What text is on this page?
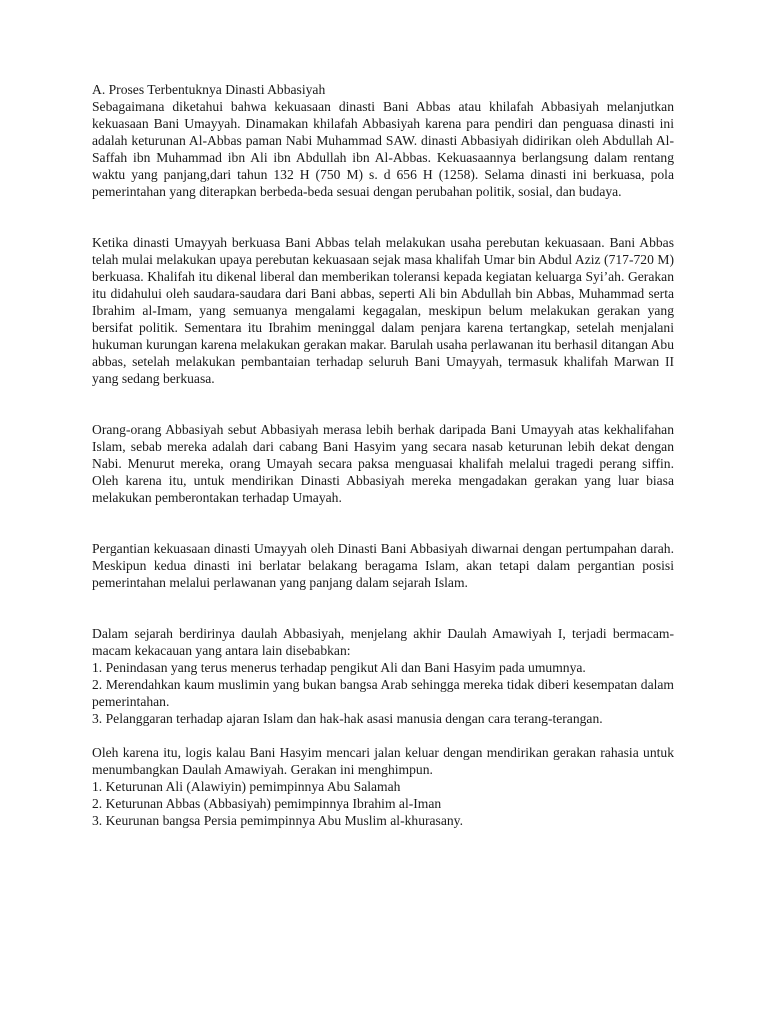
A. Proses Terbentuknya Dinasti Abbasiyah

Sebagaimana diketahui bahwa kekuasaan dinasti Bani Abbas atau khilafah Abbasiyah melanjutkan kekuasaan Bani Umayyah. Dinamakan khilafah Abbasiyah karena para pendiri dan penguasa dinasti ini adalah keturunan Al-Abbas paman Nabi Muhammad SAW. dinasti Abbasiyah didirikan oleh Abdullah Al-Saffah ibn Muhammad ibn Ali ibn Abdullah ibn Al-Abbas. Kekuasaannya berlangsung dalam rentang waktu yang panjang,dari tahun 132 H (750 M) s. d 656 H (1258). Selama dinasti ini berkuasa, pola pemerintahan yang diterapkan berbeda-beda sesuai dengan perubahan politik, sosial, dan budaya.

Ketika dinasti Umayyah berkuasa Bani Abbas telah melakukan usaha perebutan kekuasaan. Bani Abbas telah mulai melakukan upaya perebutan kekuasaan sejak masa khalifah Umar bin Abdul Aziz (717-720 M) berkuasa. Khalifah itu dikenal liberal dan memberikan toleransi kepada kegiatan keluarga Syi’ah. Gerakan itu didahului oleh saudara-saudara dari Bani abbas, seperti Ali bin Abdullah bin Abbas, Muhammad serta Ibrahim al-Imam, yang semuanya mengalami kegagalan, meskipun belum melakukan gerakan yang bersifat politik. Sementara itu Ibrahim meninggal dalam penjara karena tertangkap, setelah menjalani hukuman kurungan karena melakukan gerakan makar. Barulah usaha perlawanan itu berhasil ditangan Abu abbas, setelah melakukan pembantaian terhadap seluruh Bani Umayyah, termasuk khalifah Marwan II yang sedang berkuasa.

Orang-orang Abbasiyah sebut Abbasiyah merasa lebih berhak daripada Bani Umayyah atas kekhalifahan Islam, sebab mereka adalah dari cabang Bani Hasyim yang secara nasab keturunan lebih dekat dengan Nabi. Menurut mereka, orang Umayah secara paksa menguasai khalifah melalui tragedi perang siffin. Oleh karena itu, untuk mendirikan Dinasti Abbasiyah mereka mengadakan gerakan yang luar biasa melakukan pemberontakan terhadap Umayah.

Pergantian kekuasaan dinasti Umayyah oleh Dinasti Bani Abbasiyah diwarnai dengan pertumpahan darah. Meskipun kedua dinasti ini berlatar belakang beragama Islam, akan tetapi dalam pergantian posisi pemerintahan melalui perlawanan yang panjang dalam sejarah Islam.

Dalam sejarah berdirinya daulah Abbasiyah, menjelang akhir Daulah Amawiyah I, terjadi bermacam-macam kekacauan yang antara lain disebabkan:

1. Penindasan yang terus menerus terhadap pengikut Ali dan Bani Hasyim pada umumnya.

2. Merendahkan kaum muslimin yang bukan bangsa Arab sehingga mereka tidak diberi kesempatan dalam pemerintahan.

3. Pelanggaran terhadap ajaran Islam dan hak-hak asasi manusia dengan cara terang-terangan.

Oleh karena itu, logis kalau Bani Hasyim mencari jalan keluar dengan mendirikan gerakan rahasia untuk menumbangkan Daulah Amawiyah. Gerakan ini menghimpun.

1. Keturunan Ali (Alawiyin) pemimpinnya Abu Salamah

2. Keturunan Abbas (Abbasiyah) pemimpinnya Ibrahim al-Iman

3. Keurunan bangsa Persia pemimpinnya Abu Muslim al-khurasany.
